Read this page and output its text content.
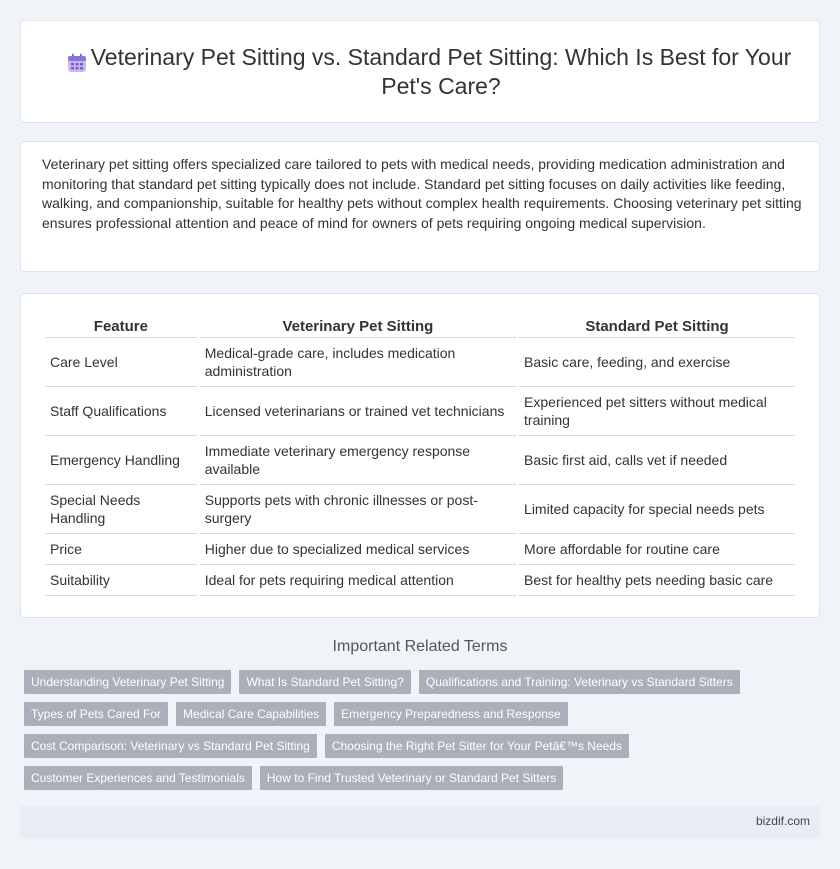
Veterinary Pet Sitting vs. Standard Pet Sitting: Which Is Best for Your Pet's Care?

Veterinary pet sitting offers specialized care tailored to pets with medical needs, providing medication administration and monitoring that standard pet sitting typically does not include. Standard pet sitting focuses on daily activities like feeding, walking, and companionship, suitable for healthy pets without complex health requirements. Choosing veterinary pet sitting ensures professional attention and peace of mind for owners of pets requiring ongoing medical supervision.

Feature	Veterinary Pet Sitting	Standard Pet Sitting
Care Level	Medical-grade care, includes medication administration	Basic care, feeding, and exercise
Staff Qualifications	Licensed veterinarians or trained vet technicians	Experienced pet sitters without medical training
Emergency Handling	Immediate veterinary emergency response available	Basic first aid, calls vet if needed
Special Needs Handling	Supports pets with chronic illnesses or post-surgery	Limited capacity for special needs pets
Price	Higher due to specialized medical services	More affordable for routine care
Suitability	Ideal for pets requiring medical attention	Best for healthy pets needing basic care
Important Related Terms
Understanding Veterinary Pet Sitting	What Is Standard Pet Sitting?	Qualifications and Training: Veterinary vs Standard Sitters
Types of Pets Cared For	Medical Care Capabilities	Emergency Preparedness and Response
Cost Comparison: Veterinary vs Standard Pet Sitting	Choosing the Right Pet Sitter for Your Petâ€™s Needs
Customer Experiences and Testimonials	How to Find Trusted Veterinary or Standard Pet Sitters
bizdif.com
